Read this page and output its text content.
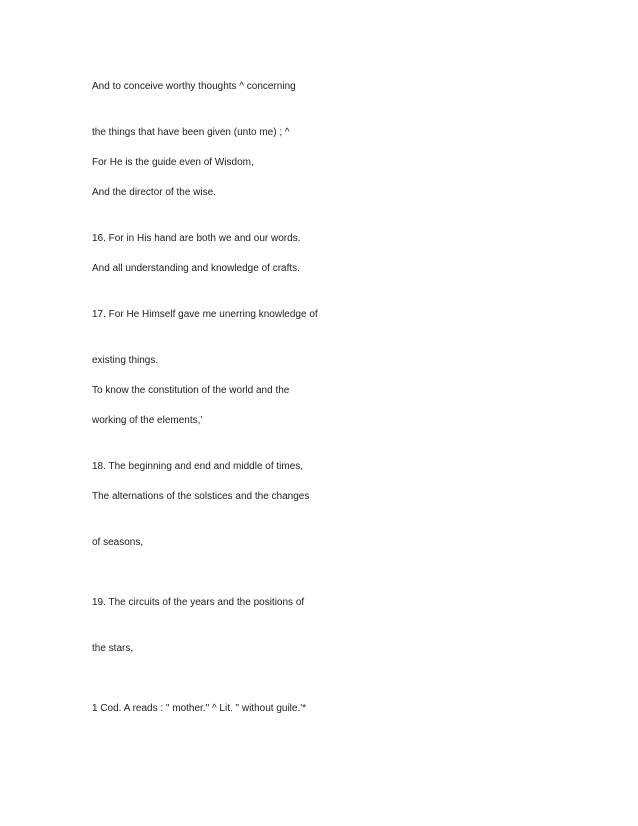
And to conceive worthy thoughts ^ concerning
the things that have been given (unto me) ; ^
For He is the guide even of Wisdom,
And the director of the wise.
16. For in His hand are both we and our words.
And all understanding and knowledge of crafts.
17. For He Himself gave me unerring knowledge of
existing things.
To know the constitution of the world and the
working of the elements,'
18. The beginning and end and middle of times,
The alternations of the solstices and the changes
of seasons,
19. The circuits of the years and the positions of
the stars,
1 Cod. A reads : " mother." ^ Lit. " without guile.'*
